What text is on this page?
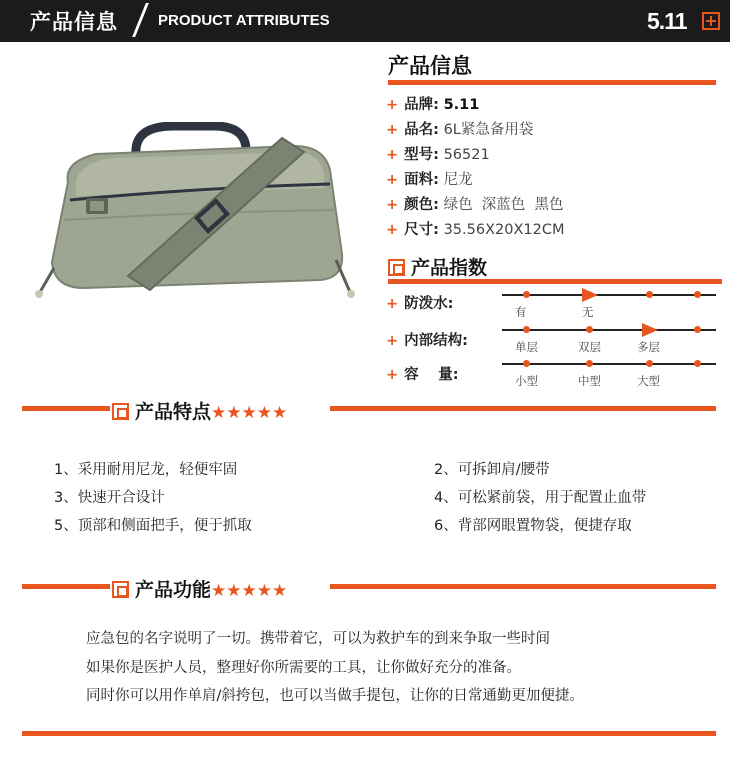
产品信息	PRODUCT ATTRIBUTES	5.11
产品信息
+ 品牌: 5.11
+ 品名: 6L紧急备用袋
+ 型号: 56521
+ 面料: 尼龙
+ 颜色: 绿色  深蓝色  黑色
+ 尺寸: 35.56X20X12CM
产品指数
+ 防泼水:	有	无
+ 内部结构:	单层	双层	多层
+ 容　 量:	小型	中型	大型
产品特点★★★★★
1、采用耐用尼龙，轻便牢固	2、可拆卸肩/腰带
3、快速开合设计	4、可松紧前袋，用于配置止血带
5、顶部和侧面把手，便于抓取	6、背部网眼置物袋，便捷存取
产品功能★★★★★
应急包的名字说明了一切。携带着它，可以为救护车的到来争取一些时间
如果你是医护人员，整理好你所需要的工具，让你做好充分的准备。
同时你可以用作单肩/斜挎包，也可以当做手提包，让你的日常通勤更加便捷。
